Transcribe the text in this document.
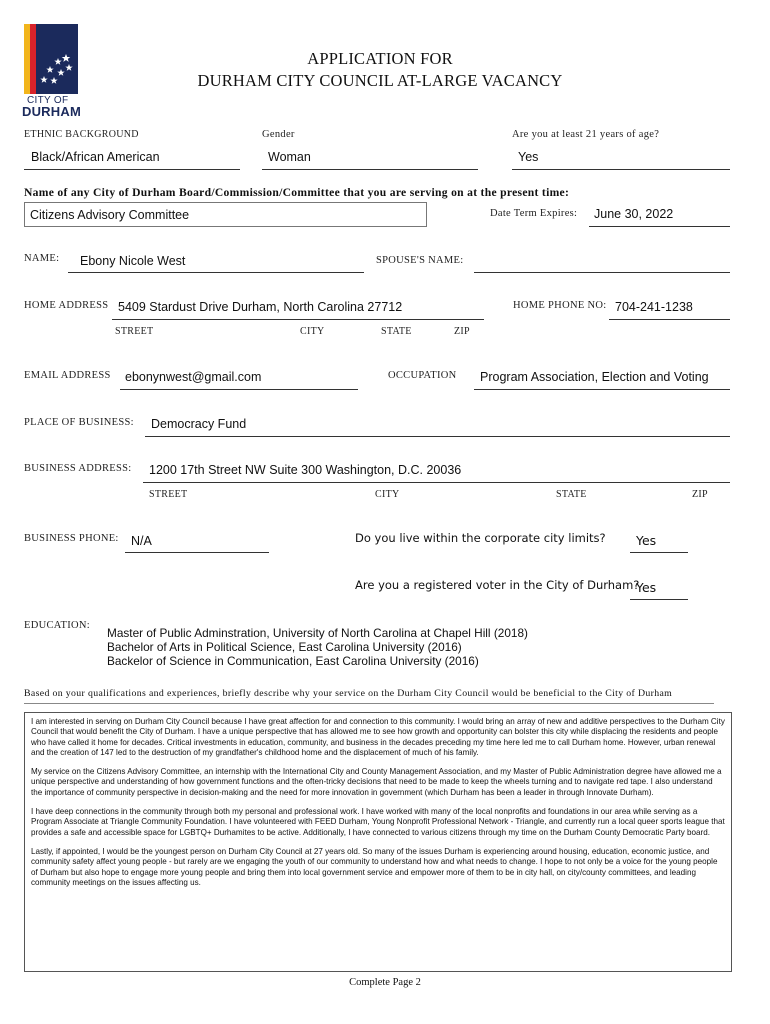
CITY OF
DURHAM
APPLICATION FOR
DURHAM CITY COUNCIL AT-LARGE VACANCY
ETHNIC BACKGROUND	Gender	Are you at least 21 years of age?
Black/African American	Woman	Yes
Name of any City of Durham Board/Commission/Committee that you are serving on at the present time:
Citizens Advisory Committee	Date Term Expires: June 30, 2022
NAME: Ebony Nicole West	SPOUSE'S NAME:
HOME ADDRESS 5409 Stardust Drive Durham, North Carolina 27712
STREET	CITY	STATE	ZIP
HOME PHONE NO: 704-241-1238
EMAIL ADDRESS ebonynwest@gmail.com	OCCUPATION Program Association, Election and Voting
PLACE OF BUSINESS: Democracy Fund
BUSINESS ADDRESS: 1200 17th Street NW Suite 300 Washington, D.C. 20036
STREET	CITY	STATE	ZIP
BUSINESS PHONE: N/A	Do you live within the corporate city limits? Yes
Are you a registered voter in the City of Durham?
Yes
EDUCATION:
Master of Public Adminstration, University of North Carolina at Chapel Hill (2018)
Bachelor of Arts in Political Science, East Carolina University (2016)
Backelor of Science in Communication, East Carolina University (2016)
Based on your qualifications and experiences, briefly describe why your service on the Durham City Council would be beneficial to the City of Durham

I am interested in serving on Durham City Council because I have great affection for and connection to this community. I would bring an array of new and additive perspectives to the Durham City Council that would benefit the City of Durham. I have a unique perspective that has allowed me to see how growth and opportunity can bolster this city while displacing the residents and people who have called it home for decades. Critical investments in education, community, and business in the decades preceding my time here led me to call Durham home. However, urban renewal and the creation of 147 led to the destruction of my grandfather's childhood home and the displacement of much of his family.

My service on the Citizens Advisory Committee, an internship with the International City and County Management Association, and my Master of Public Administration degree have allowed me a unique perspective and understanding of how government functions and the often-tricky decisions that need to be made to keep the wheels turning and to navigate red tape. I also understand the importance of community perspective in decision-making and the need for more innovation in government (which Durham has been a leader in through Innovate Durham).

I have deep connections in the community through both my personal and professional work. I have worked with many of the local nonprofits and foundations in our area while serving as a Program Associate at Triangle Community Foundation. I have volunteered with FEED Durham, Young Nonprofit Professional Network - Triangle, and currently run a local queer sports league that provides a safe and accessible space for LGBTQ+ Durhamites to be active. Additionally, I have connected to various citizens through my time on the Durham County Democratic Party board.

Lastly, if appointed, I would be the youngest person on Durham City Council at 27 years old. So many of the issues Durham is experiencing around housing, education, economic justice, and community safety affect young people - but rarely are we engaging the youth of our community to understand how and what needs to change. I hope to not only be a voice for the young people of Durham but also hope to engage more young people and bring them into local government service and empower more of them to be in city hall, on city/county committees, and leading community meetings on the issues affecting us.

Complete Page 2
